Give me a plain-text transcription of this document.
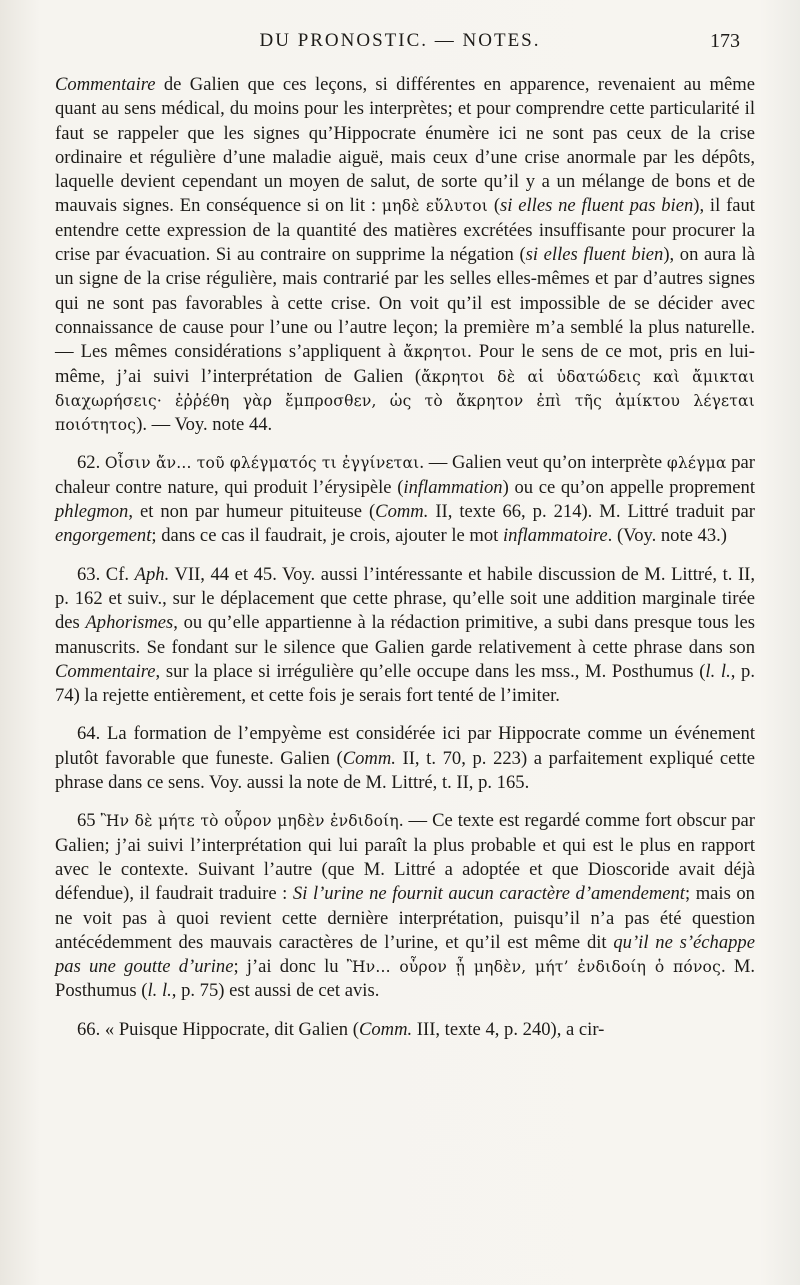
DU PRONOSTIC. — NOTES.	173

Commentaire de Galien que ces leçons, si différentes en apparence, revenaient au même quant au sens médical, du moins pour les interprètes; et pour comprendre cette particularité il faut se rappeler que les signes qu’Hippocrate énumère ici ne sont pas ceux de la crise ordinaire et régulière d’une maladie aiguë, mais ceux d’une crise anormale par les dépôts, laquelle devient cependant un moyen de salut, de sorte qu’il y a un mélange de bons et de mauvais signes. En conséquence si on lit : μηδὲ εὔλυτοι (si elles ne fluent pas bien), il faut entendre cette expression de la quantité des matières excrétées insuffisante pour procurer la crise par évacuation. Si au contraire on supprime la négation (si elles fluent bien), on aura là un signe de la crise régulière, mais contrarié par les selles elles-mêmes et par d’autres signes qui ne sont pas favorables à cette crise. On voit qu’il est impossible de se décider avec connaissance de cause pour l’une ou l’autre leçon; la première m’a semblé la plus naturelle. — Les mêmes considérations s’appliquent à ἄκρητοι. Pour le sens de ce mot, pris en lui-même, j’ai suivi l’interprétation de Galien (ἄκρητοι δὲ αἱ ὑδατώδεις καὶ ἄμικται διαχωρήσεις· ἐῤῥέθη γὰρ ἔμπροσθεν, ὡς τὸ ἄκρητον ἐπὶ τῆς ἀμίκτου λέγεται ποιότητος). — Voy. note 44.

62. Οἶσιν ἄν... τοῦ φλέγματός τι ἐγγίνεται. — Galien veut qu’on interprète φλέγμα par chaleur contre nature, qui produit l’érysipèle (inflammation) ou ce qu’on appelle proprement phlegmon, et non par humeur pituiteuse (Comm. II, texte 66, p. 214). M. Littré traduit par engorgement; dans ce cas il faudrait, je crois, ajouter le mot inflammatoire. (Voy. note 43.)

63. Cf. Aph. VII, 44 et 45. Voy. aussi l’intéressante et habile discussion de M. Littré, t. II, p. 162 et suiv., sur le déplacement que cette phrase, qu’elle soit une addition marginale tirée des Aphorismes, ou qu’elle appartienne à la rédaction primitive, a subi dans presque tous les manuscrits. Se fondant sur le silence que Galien garde relativement à cette phrase dans son Commentaire, sur la place si irrégulière qu’elle occupe dans les mss., M. Posthumus (l. l., p. 74) la rejette entièrement, et cette fois je serais fort tenté de l’imiter.

64. La formation de l’empyème est considérée ici par Hippocrate comme un événement plutôt favorable que funeste. Galien (Comm. II, t. 70, p. 223) a parfaitement expliqué cette phrase dans ce sens. Voy. aussi la note de M. Littré, t. II, p. 165.

65 Ἢν δὲ μήτε τὸ οὖρον μηδὲν ἐνδιδοίη. — Ce texte est regardé comme fort obscur par Galien; j’ai suivi l’interprétation qui lui paraît la plus probable et qui est le plus en rapport avec le contexte. Suivant l’autre (que M. Littré a adoptée et que Dioscoride avait déjà défendue), il faudrait traduire : Si l’urine ne fournit aucun caractère d’amendement; mais on ne voit pas à quoi revient cette dernière interprétation, puisqu’il n’a pas été question antécédemment des mauvais caractères de l’urine, et qu’il est même dit qu’il ne s’échappe pas une goutte d’urine; j’ai donc lu Ἢν... οὖρον ᾖ μηδὲν, μήτ’ ἐνδιδοίη ὁ πόνος. M. Posthumus (l. l., p. 75) est aussi de cet avis.

66. « Puisque Hippocrate, dit Galien (Comm. III, texte 4, p. 240), a cir-
